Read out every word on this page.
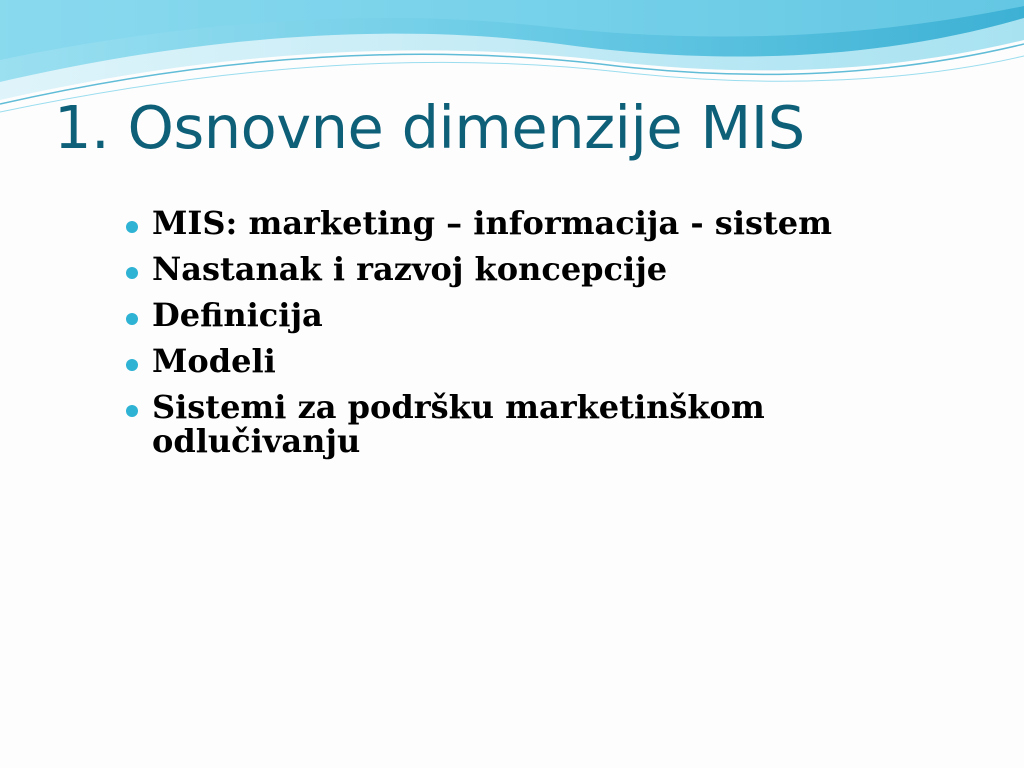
1. Osnovne dimenzije MIS
MIS: marketing – informacija - sistem
Nastanak i razvoj koncepcije
Definicija
Modeli
Sistemi za podršku marketinškom odlučivanju
